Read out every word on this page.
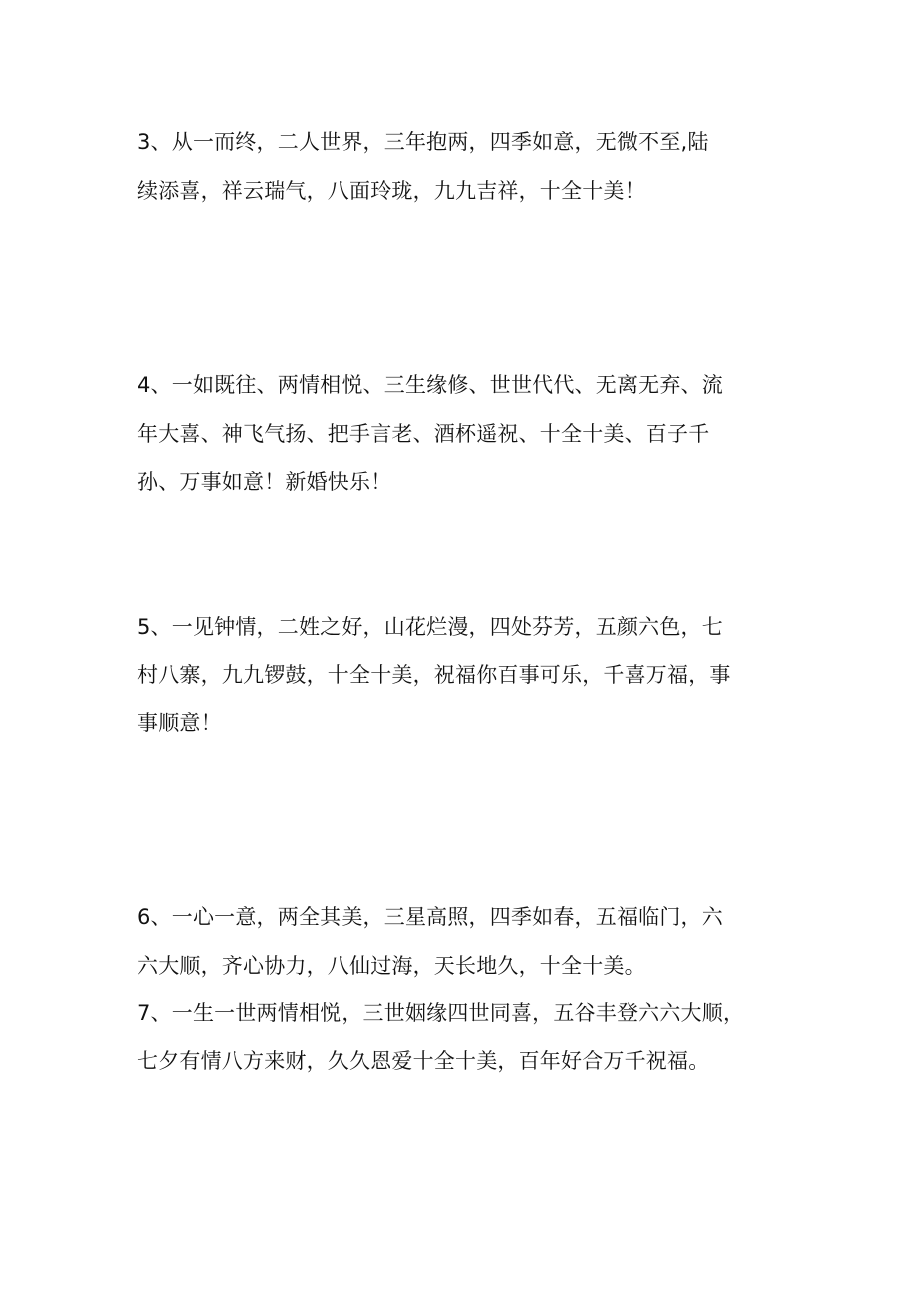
3、从一而终，二人世界，三年抱两，四季如意，无微不至,陆

续添喜，祥云瑞气，八面玲珑，九九吉祥，十全十美！

4、一如既往、两情相悦、三生缘修、世世代代、无离无弃、流

年大喜、神飞气扬、把手言老、酒杯遥祝、十全十美、百子千

孙、万事如意！新婚快乐！

5、一见钟情，二姓之好，山花烂漫，四处芬芳，五颜六色，七

村八寨，九九锣鼓，十全十美，祝福你百事可乐，千喜万福，事

事顺意！

6、一心一意，两全其美，三星高照，四季如春，五福临门，六

六大顺，齐心协力，八仙过海，天长地久，十全十美。

7、一生一世两情相悦，三世姻缘四世同喜，五谷丰登六六大顺，

七夕有情八方来财，久久恩爱十全十美，百年好合万千祝福。
